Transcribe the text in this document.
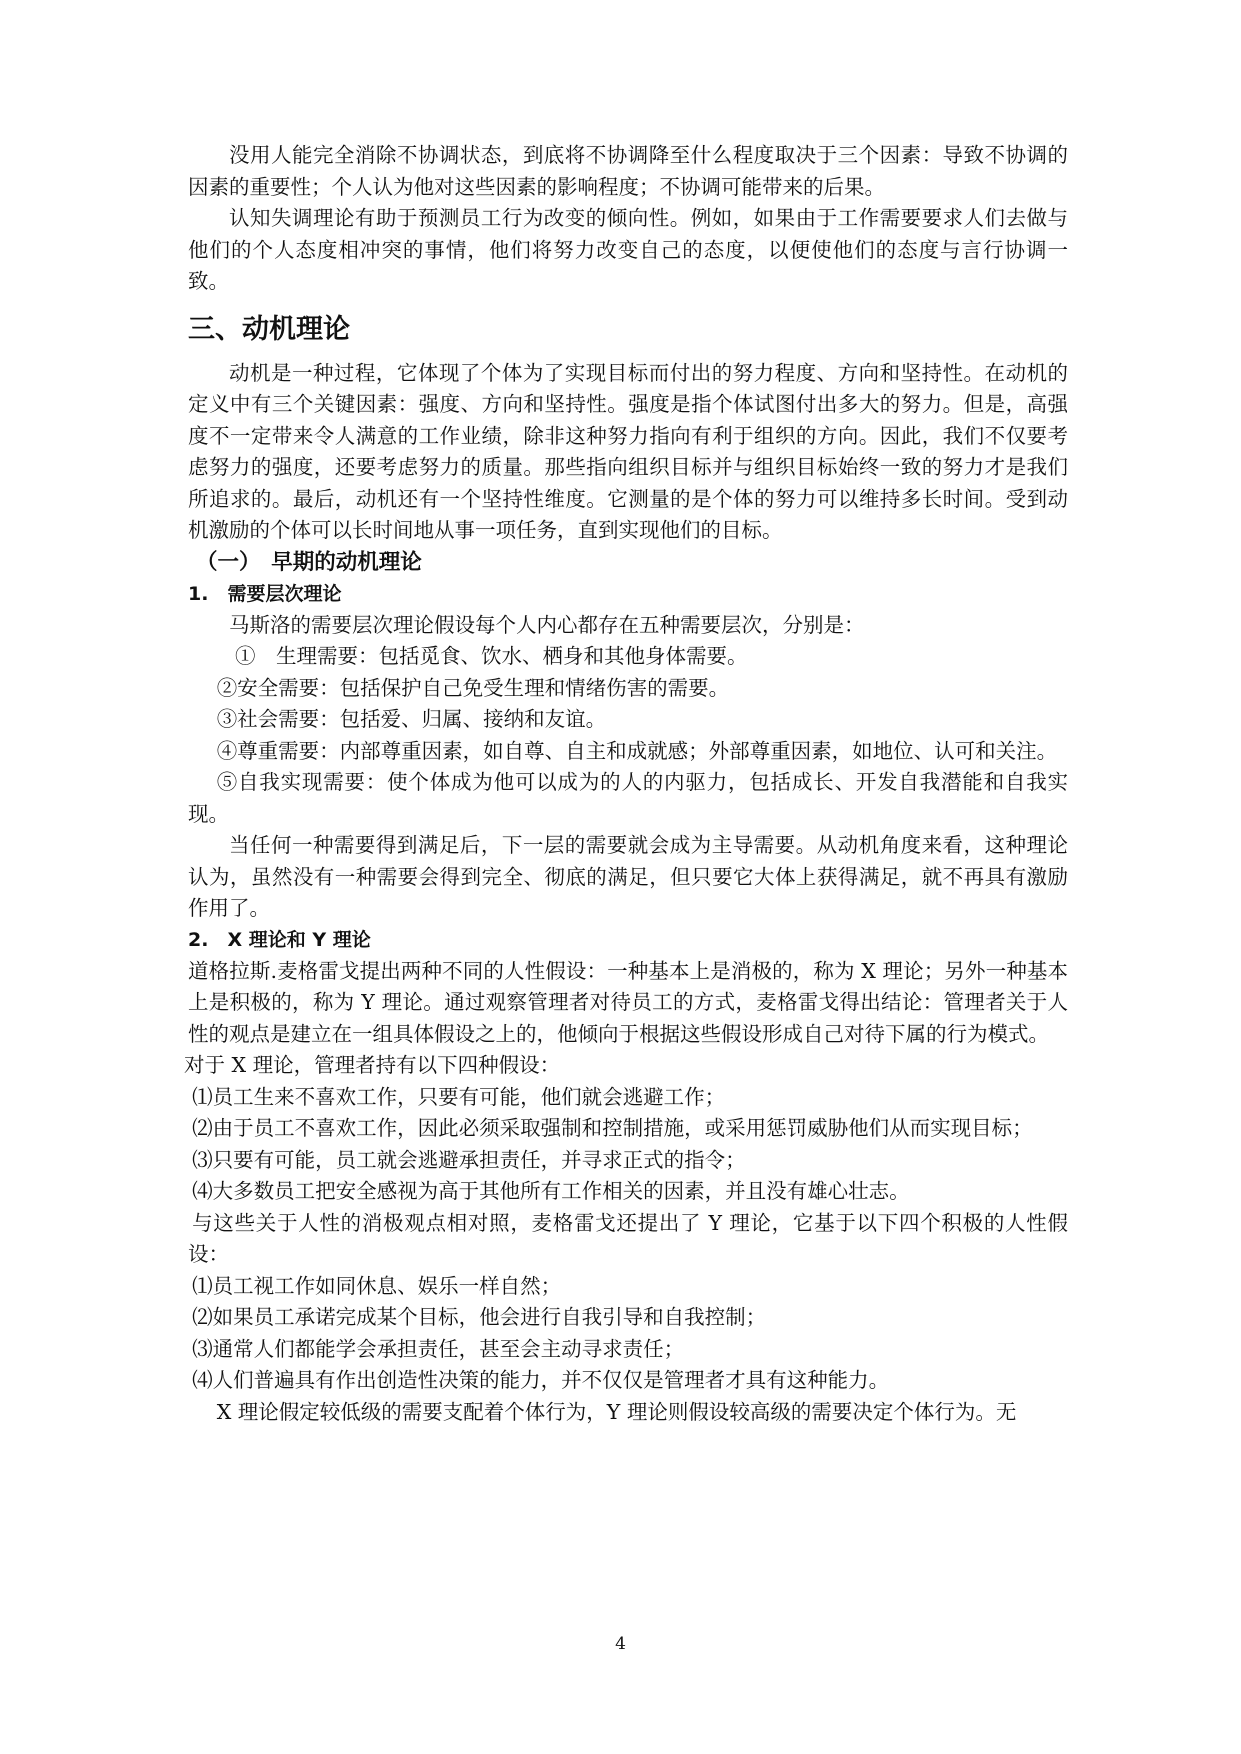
没用人能完全消除不协调状态，到底将不协调降至什么程度取决于三个因素：导致不协调的因素的重要性；个人认为他对这些因素的影响程度；不协调可能带来的后果。

认知失调理论有助于预测员工行为改变的倾向性。例如，如果由于工作需要要求人们去做与他们的个人态度相冲突的事情，他们将努力改变自己的态度，以便使他们的态度与言行协调一致。

三、动机理论

动机是一种过程，它体现了个体为了实现目标而付出的努力程度、方向和坚持性。在动机的定义中有三个关键因素：强度、方向和坚持性。强度是指个体试图付出多大的努力。但是，高强度不一定带来令人满意的工作业绩，除非这种努力指向有利于组织的方向。因此，我们不仅要考虑努力的强度，还要考虑努力的质量。那些指向组织目标并与组织目标始终一致的努力才是我们所追求的。最后，动机还有一个坚持性维度。它测量的是个体的努力可以维持多长时间。受到动机激励的个体可以长时间地从事一项任务，直到实现他们的目标。

（一）　早期的动机理论
1.　需要层次理论

马斯洛的需要层次理论假设每个人内心都存在五种需要层次，分别是：

①　生理需要：包括觅食、饮水、栖身和其他身体需要。

②安全需要：包括保护自己免受生理和情绪伤害的需要。

③社会需要：包括爱、归属、接纳和友谊。

④尊重需要：内部尊重因素，如自尊、自主和成就感；外部尊重因素，如地位、认可和关注。

⑤自我实现需要：使个体成为他可以成为的人的内驱力，包括成长、开发自我潜能和自我实现。

当任何一种需要得到满足后，下一层的需要就会成为主导需要。从动机角度来看，这种理论认为，虽然没有一种需要会得到完全、彻底的满足，但只要它大体上获得满足，就不再具有激励作用了。

2.　X 理论和 Y 理论

道格拉斯.麦格雷戈提出两种不同的人性假设：一种基本上是消极的，称为 X 理论；另外一种基本上是积极的，称为 Y 理论。通过观察管理者对待员工的方式，麦格雷戈得出结论：管理者关于人性的观点是建立在一组具体假设之上的，他倾向于根据这些假设形成自己对待下属的行为模式。

对于 X 理论，管理者持有以下四种假设：

⑴员工生来不喜欢工作，只要有可能，他们就会逃避工作；

⑵由于员工不喜欢工作，因此必须采取强制和控制措施，或采用惩罚威胁他们从而实现目标；

⑶只要有可能，员工就会逃避承担责任，并寻求正式的指令；

⑷大多数员工把安全感视为高于其他所有工作相关的因素，并且没有雄心壮志。

与这些关于人性的消极观点相对照，麦格雷戈还提出了 Y 理论，它基于以下四个积极的人性假设：

⑴员工视工作如同休息、娱乐一样自然；

⑵如果员工承诺完成某个目标，他会进行自我引导和自我控制；

⑶通常人们都能学会承担责任，甚至会主动寻求责任；

⑷人们普遍具有作出创造性决策的能力，并不仅仅是管理者才具有这种能力。

X 理论假定较低级的需要支配着个体行为，Y 理论则假设较高级的需要决定个体行为。无

4
